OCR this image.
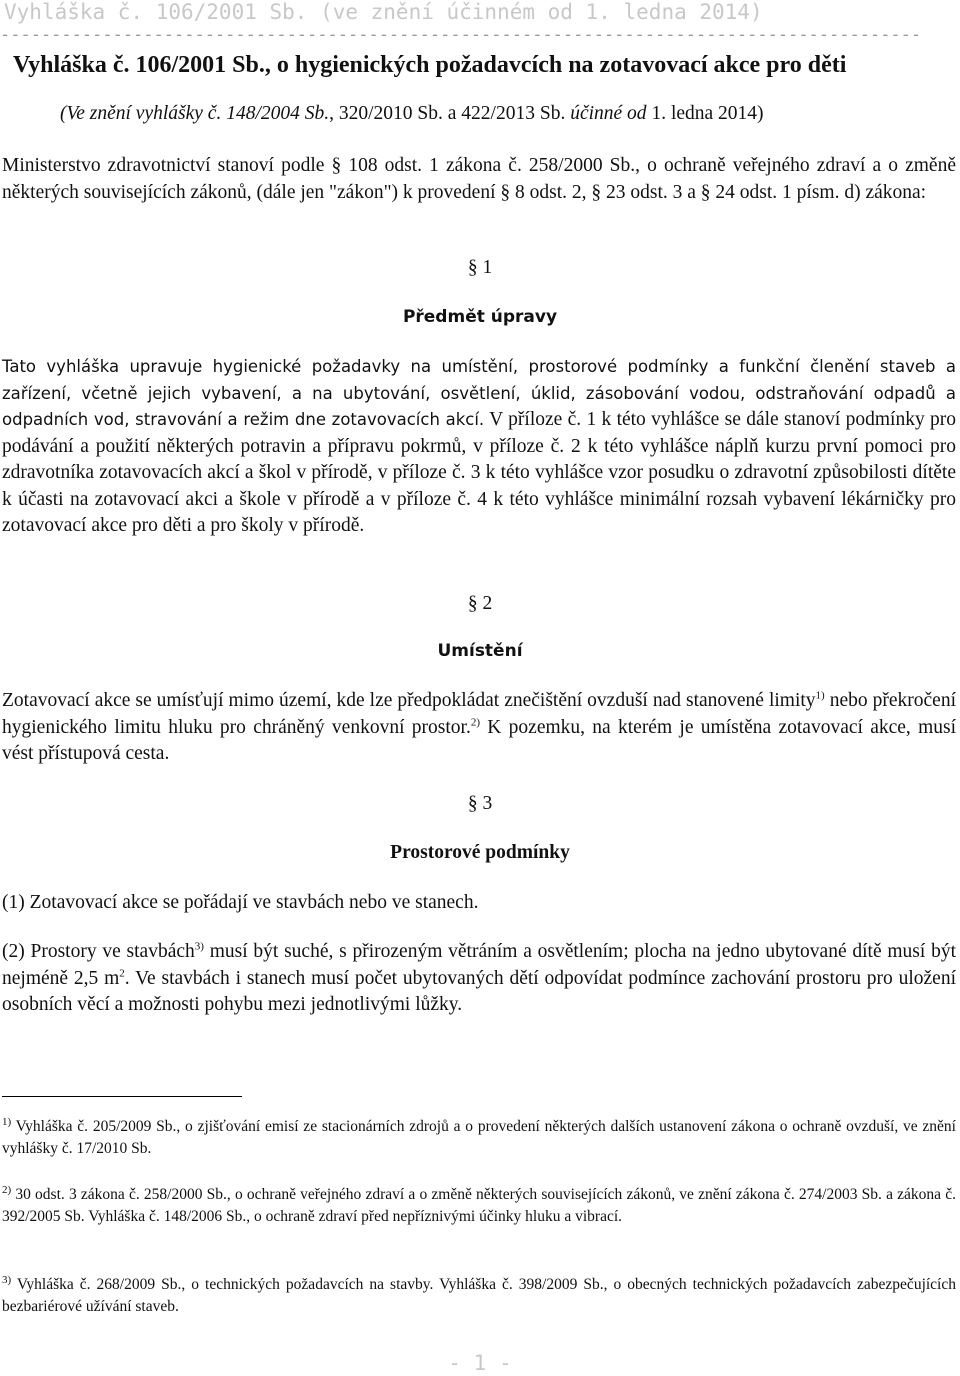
Vyhláška č. 106/2001 Sb. (ve znění účinném od 1. ledna 2014)
------------------------------------------------------------------------------------------
Vyhláška č. 106/2001 Sb., o hygienických požadavcích na zotavovací akce pro děti
(Ve znění vyhlášky č. 148/2004 Sb., 320/2010 Sb. a 422/2013 Sb. účinné od 1. ledna 2014)
Ministerstvo zdravotnictví stanoví podle § 108 odst. 1 zákona č. 258/2000 Sb., o ochraně veřejného zdraví a o změně některých souvisejících zákonů, (dále jen "zákon") k provedení § 8 odst. 2, § 23 odst. 3 a § 24 odst. 1 písm. d) zákona:
§ 1
Předmět úpravy
Tato vyhláška upravuje hygienické požadavky na umístění, prostorové podmínky a funkční členění staveb a zařízení, včetně jejich vybavení, a na ubytování, osvětlení, úklid, zásobování vodou, odstraňování odpadů a odpadních vod, stravování a režim dne zotavovacích akcí. V příloze č. 1 k této vyhlášce se dále stanoví podmínky pro podávání a použití některých potravin a přípravu pokrmů, v příloze č. 2 k této vyhlášce náplň kurzu první pomoci pro zdravotníka zotavovacích akcí a škol v přírodě, v příloze č. 3 k této vyhlášce vzor posudku o zdravotní způsobilosti dítěte k účasti na zotavovací akci a škole v přírodě a v příloze č. 4 k této vyhlášce minimální rozsah vybavení lékárničky pro zotavovací akce pro děti a pro školy v přírodě.
§ 2
Umístění
Zotavovací akce se umísťují mimo území, kde lze předpokládat znečištění ovzduší nad stanovené limity$^{1)}$ nebo překročení hygienického limitu hluku pro chráněný venkovní prostor.$^{2)}$ K pozemku, na kterém je umístěna zotavovací akce, musí vést přístupová cesta.
§ 3
Prostorové podmínky
(1) Zotavovací akce se pořádají ve stavbách nebo ve stanech.
(2) Prostory ve stavbách$^{3)}$ musí být suché, s přirozeným větráním a osvětlením; plocha na jedno ubytované dítě musí být nejméně 2,5 $m^2$. Ve stavbách i stanech musí počet ubytovaných dětí odpovídat podmínce zachování prostoru pro uložení osobních věcí a možnosti pohybu mezi jednotlivými lůžky.
$^{1)}$ Vyhláška č. 205/2009 Sb., o zjišťování emisí ze stacionárních zdrojů a o provedení některých dalších ustanovení zákona o ochraně ovzduší, ve znění vyhlášky č. 17/2010 Sb.
$^{2)}$ 30 odst. 3 zákona č. 258/2000 Sb., o ochraně veřejného zdraví a o změně některých souvisejících zákonů, ve znění zákona č. 274/2003 Sb. a zákona č. 392/2005 Sb. Vyhláška č. 148/2006 Sb., o ochraně zdraví před nepříznivými účinky hluku a vibrací.
$^{3)}$ Vyhláška č. 268/2009 Sb., o technických požadavcích na stavby. Vyhláška č. 398/2009 Sb., o obecných technických požadavcích zabezpečujících bezbariérové užívání staveb.
- 1 -
